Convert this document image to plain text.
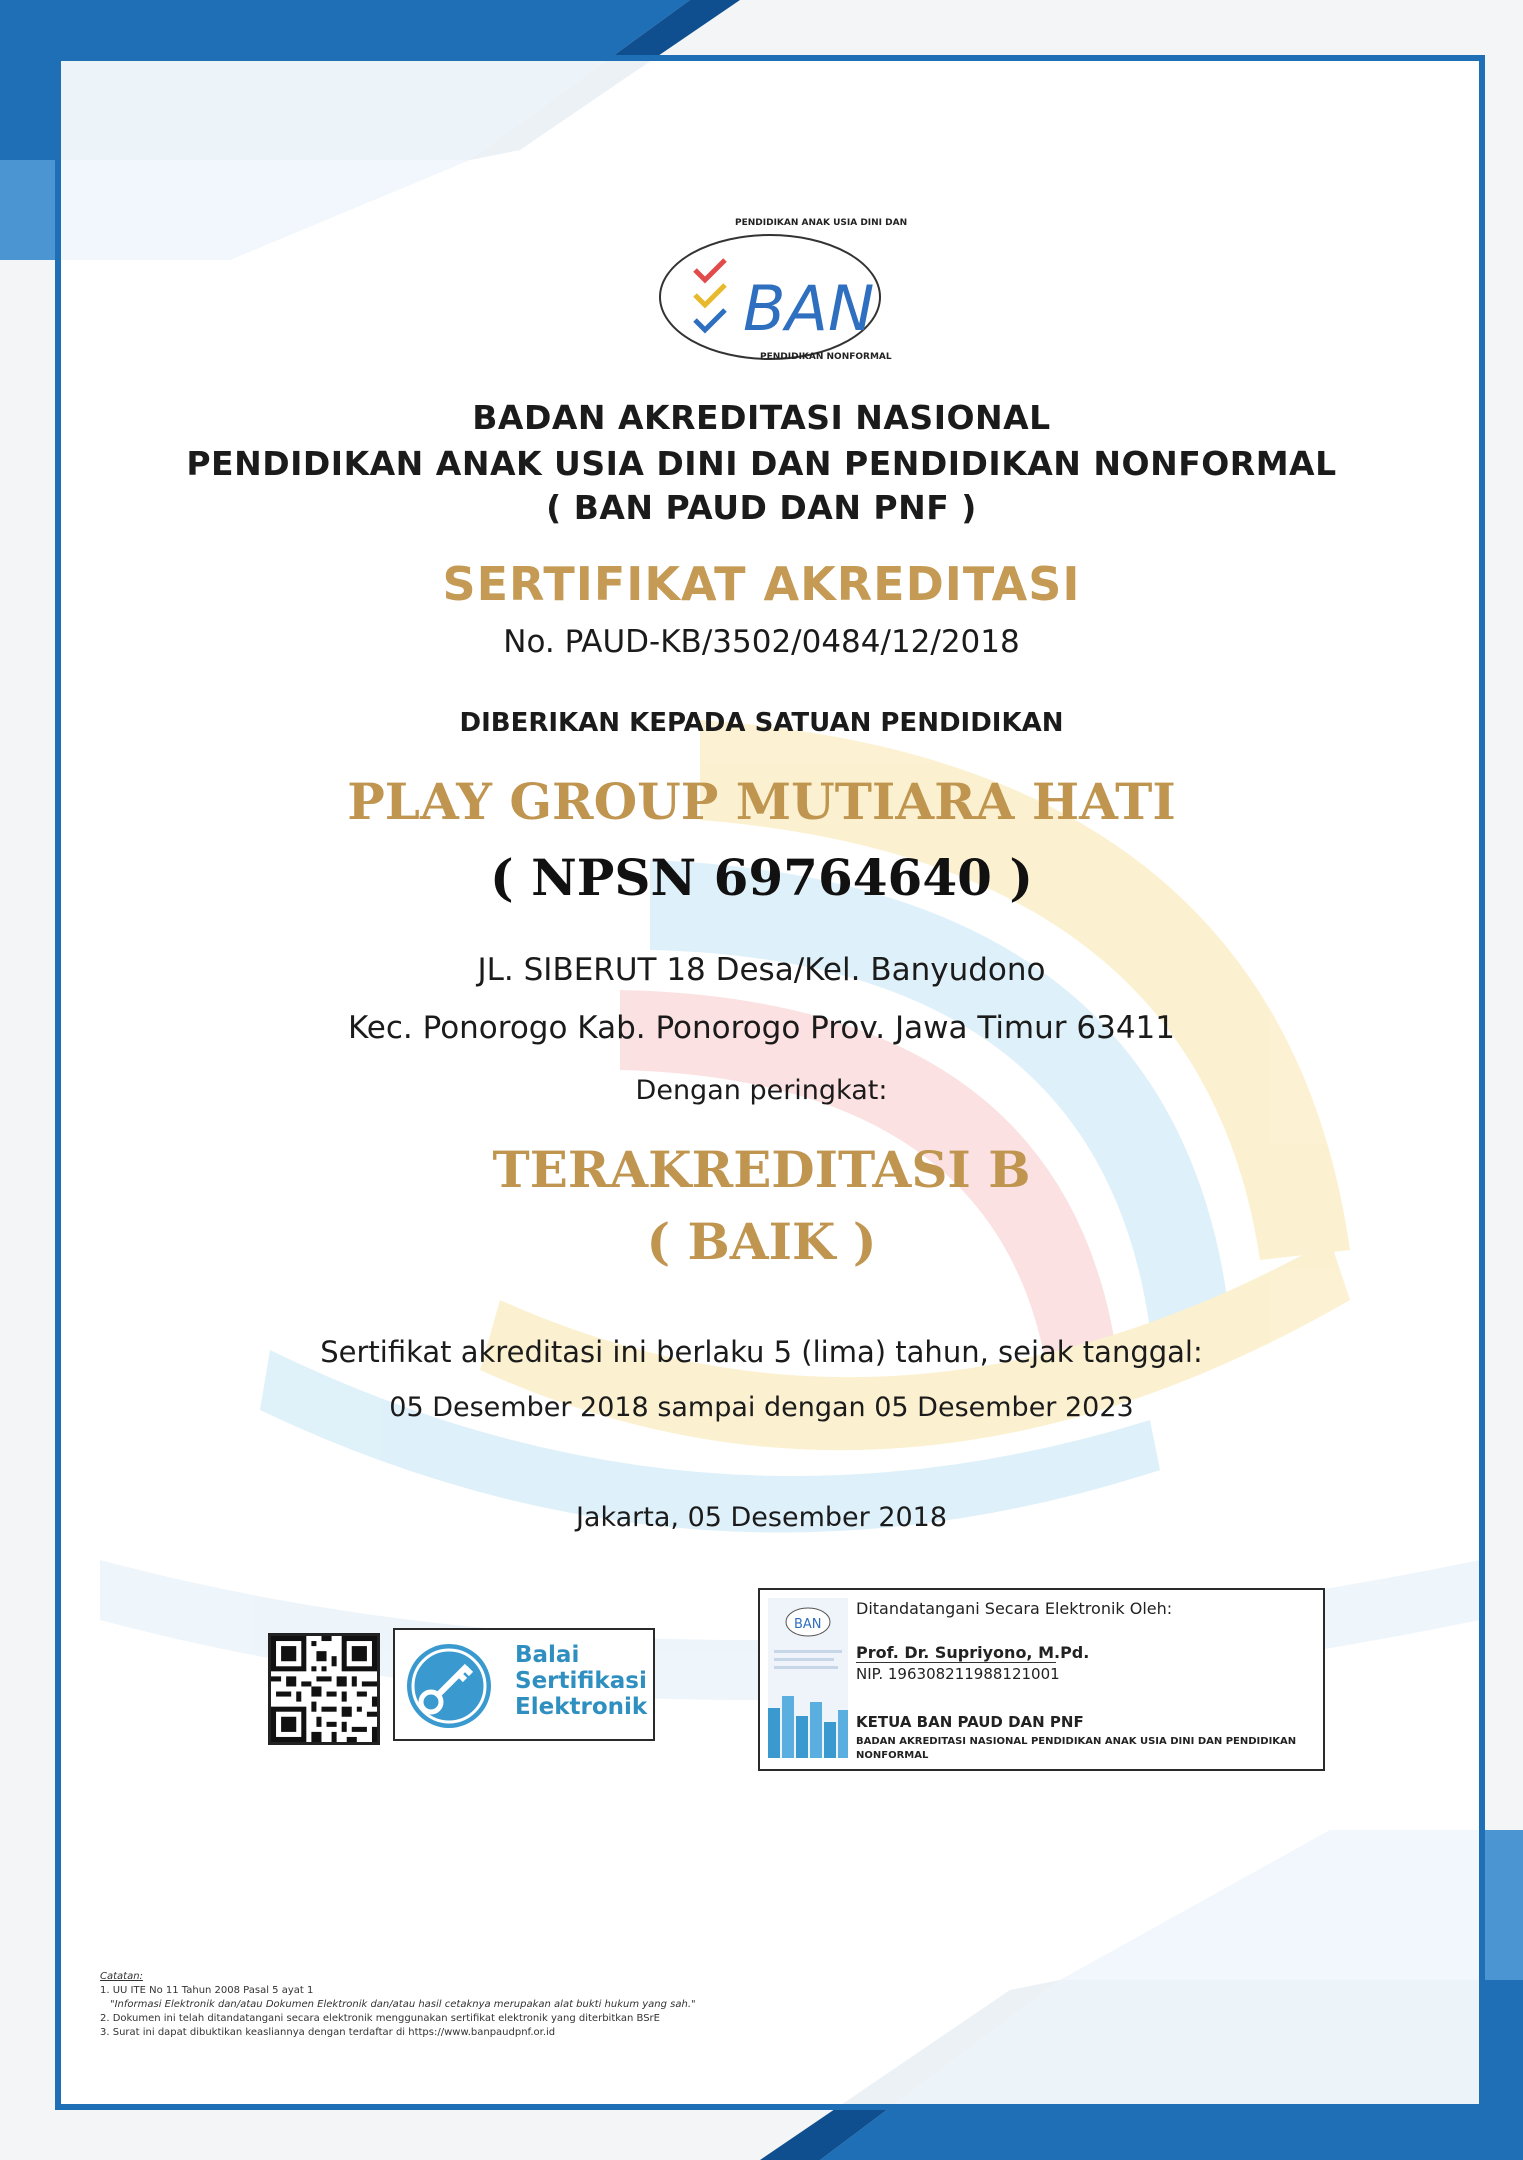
BAN
PENDIDIKAN ANAK USIA DINI DAN
PENDIDIKAN NONFORMAL
BADAN AKREDITASI NASIONAL
PENDIDIKAN ANAK USIA DINI DAN PENDIDIKAN NONFORMAL
( BAN PAUD DAN PNF )
SERTIFIKAT AKREDITASI
No. PAUD-KB/3502/0484/12/2018
DIBERIKAN KEPADA SATUAN PENDIDIKAN
PLAY GROUP MUTIARA HATI
( NPSN 69764640 )
JL. SIBERUT 18 Desa/Kel. Banyudono
Kec. Ponorogo Kab. Ponorogo Prov. Jawa Timur 63411
Dengan peringkat:
TERAKREDITASI B
( BAIK )
Sertifikat akreditasi ini berlaku 5 (lima) tahun, sejak tanggal:
05 Desember 2018 sampai dengan 05 Desember 2023
Jakarta, 05 Desember 2018
Balai
Sertifikasi
Elektronik
BAN
Ditandatangani Secara Elektronik Oleh:
Prof. Dr. Supriyono, M.Pd.
NIP. 196308211988121001
KETUA BAN PAUD DAN PNF
BADAN AKREDITASI NASIONAL PENDIDIKAN ANAK USIA DINI DAN PENDIDIKAN NONFORMAL
Catatan:
1. UU ITE No 11 Tahun 2008 Pasal 5 ayat 1
"Informasi Elektronik dan/atau Dokumen Elektronik dan/atau hasil cetaknya merupakan alat bukti hukum yang sah."
2. Dokumen ini telah ditandatangani secara elektronik menggunakan sertifikat elektronik yang diterbitkan BSrE
3. Surat ini dapat dibuktikan keasliannya dengan terdaftar di https://www.banpaudpnf.or.id
